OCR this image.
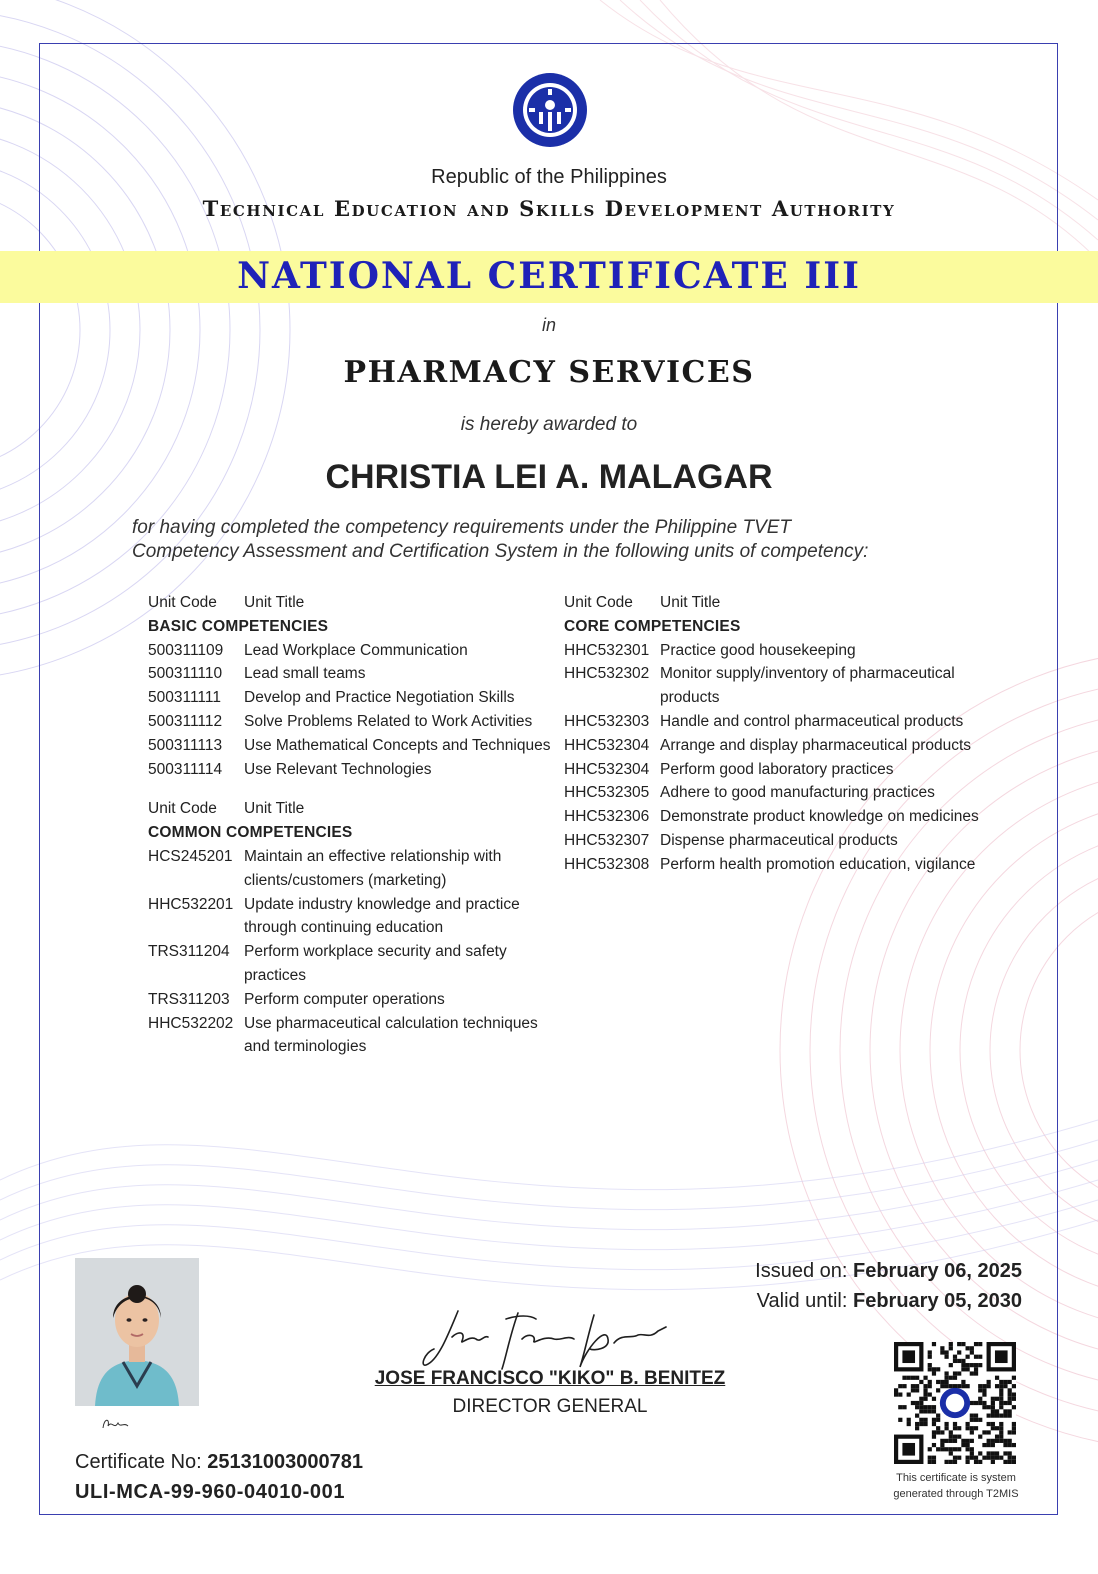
Republic of the Philippines
Technical Education and Skills Development Authority
NATIONAL CERTIFICATE III
in
PHARMACY SERVICES
is hereby awarded to
CHRISTIA LEI A. MALAGAR
for having completed the competency requirements under the Philippine TVET
Competency Assessment and Certification System in the following units of competency:
Unit Code	Unit Title
BASIC COMPETENCIES
500311109	Lead Workplace Communication
500311110	Lead small teams
500311111	Develop and Practice Negotiation Skills
500311112	Solve Problems Related to Work Activities
500311113	Use Mathematical Concepts and Techniques
500311114	Use Relevant Technologies
Unit Code	Unit Title
COMMON COMPETENCIES
HCS245201 Maintain an effective relationship with clients/customers (marketing)
HHC532201 Update industry knowledge and practice through continuing education
TRS311204 Perform workplace security and safety practices
TRS311203 Perform computer operations
HHC532202 Use pharmaceutical calculation techniques and terminologies
Unit Code	Unit Title
CORE COMPETENCIES
HHC532301 Practice good housekeeping
HHC532302 Monitor supply/inventory of pharmaceutical products
HHC532303 Handle and control pharmaceutical products
HHC532304 Arrange and display pharmaceutical products
HHC532304 Perform good laboratory practices
HHC532305 Adhere to good manufacturing practices
HHC532306 Demonstrate product knowledge on medicines
HHC532307 Dispense pharmaceutical products
HHC532308 Perform health promotion education, vigilance
Certificate No: 25131003000781
ULI-MCA-99-960-04010-001
JOSE FRANCISCO "KIKO" B. BENITEZ
DIRECTOR GENERAL
Issued on: February 06, 2025
Valid until: February 05, 2030
This certificate is system
generated through T2MIS
